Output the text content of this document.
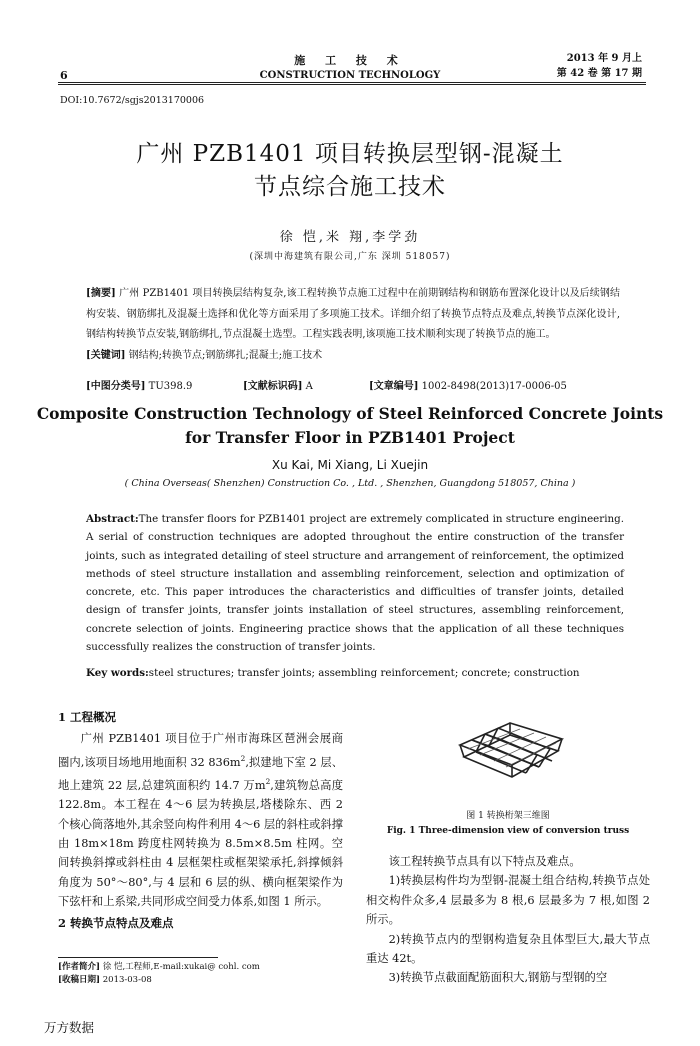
6
施 工 技 术
CONSTRUCTION TECHNOLOGY
2013 年 9 月上
第 42 卷 第 17 期
DOI:10.7672/sgjs2013170006
广州 PZB1401 项目转换层型钢-混凝土
节点综合施工技术
徐 恺,米 翔,李学劲
(深圳中海建筑有限公司,广东 深圳 518057)
[摘要] 广州 PZB1401 项目转换层结构复杂,该工程转换节点施工过程中在前期钢结构和钢筋布置深化设计以及后续钢结构安装、钢筋绑扎及混凝土选择和优化等方面采用了多项施工技术。详细介绍了转换节点特点及难点,转换节点深化设计,钢结构转换节点安装,钢筋绑扎,节点混凝土选型。工程实践表明,该项施工技术顺利实现了转换节点的施工。
[关键词] 钢结构;转换节点;钢筋绑扎;混凝土;施工技术
[中图分类号] TU398.9	[文献标识码] A	[文章编号] 1002-8498(2013)17-0006-05
Composite Construction Technology of Steel Reinforced Concrete Joints
for Transfer Floor in PZB1401 Project
Xu Kai, Mi Xiang, Li Xuejin
( China Overseas( Shenzhen) Construction Co. , Ltd. , Shenzhen, Guangdong 518057, China )
Abstract:The transfer floors for PZB1401 project are extremely complicated in structure engineering. A serial of construction techniques are adopted throughout the entire construction of the transfer joints, such as integrated detailing of steel structure and arrangement of reinforcement, the optimized methods of steel structure installation and assembling reinforcement, selection and optimization of concrete, etc. This paper introduces the characteristics and difficulties of transfer joints, detailed design of transfer joints, transfer joints installation of steel structures, assembling reinforcement, concrete selection of joints. Engineering practice shows that the application of all these techniques successfully realizes the construction of transfer joints.
Key words:steel structures; transfer joints; assembling reinforcement; concrete; construction
1 工程概况
广州 PZB1401 项目位于广州市海珠区琶洲会展商圈内,该项目场地用地面积 32 $836m^2$,拟建地下室 2 层、地上建筑 22 层,总建筑面积约 14.7 万$m^2$,建筑物总高度 122.8m。本工程在 4～6 层为转换层,塔楼除东、西 2 个核心筒落地外,其余竖向构件利用 4～6 层的斜柱或斜撑由 18m×18m 跨度柱网转换为 8.5m×8.5m 柱网。空间转换斜撑或斜柱由 4 层框架柱或框架梁承托,斜撑倾斜角度为 50°～80°,与 4 层和 6 层的纵、横向框架梁作为下弦杆和上系梁,共同形成空间受力体系,如图 1 所示。
2 转换节点特点及难点
图 1 转换桁架三维图
Fig. 1 Three-dimension view of conversion truss
该工程转换节点具有以下特点及难点。
1)转换层构件均为型钢-混凝土组合结构,转换节点处相交构件众多,4 层最多为 8 根,6 层最多为 7 根,如图 2 所示。
2)转换节点内的型钢构造复杂且体型巨大,最大节点重达 42t。
3)转换节点截面配筋面积大,钢筋与型钢的空
[作者简介] 徐 恺,工程师,E-mail:xukai@ cohl. com
[收稿日期] 2013-03-08
万方数据
